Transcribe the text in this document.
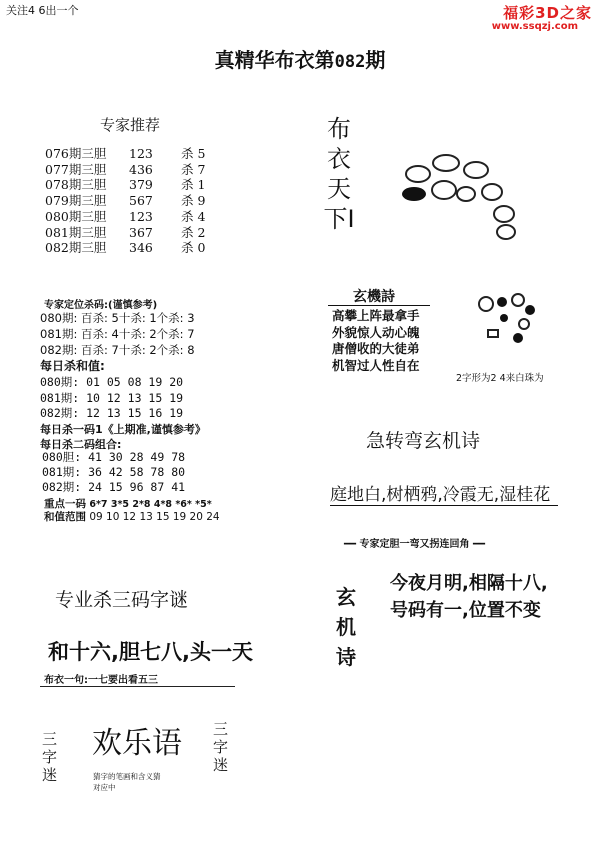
关注4 6出一个	福彩3D之家
www.ssqzj.com
真精华布衣第082期
专家推荐
076期三胆 123 杀 5
077期三胆 436 杀 7
078期三胆 379 杀 1
079期三胆 567 杀 9
080期三胆 123 杀 4
081期三胆 367 杀 2
082期三胆 346 杀 0
专家定位杀码:(谨慎参考)
080期: 百杀: 5十杀: 1个杀: 3
081期: 百杀: 4十杀: 2个杀: 7
082期: 百杀: 7十杀: 2个杀: 8
每日杀和值:
080期: 01 05 08 19 20
081期: 10 12 13 15 19
082期: 12 13 15 16 19
每日杀一码1《上期准,谨慎参考》
每日杀二码组合:
080胆: 41 30 28 49 78
081期: 36 42 58 78 80
082期: 24 15 96 87 41
重点一码 6*7 3*5 2*8 4*8 *6* *5*
和值范围 09 10 12 13 15 19 20 24
专业杀三码字谜
和十六,胆七八,头一天
布衣一句:一七要出看五三
三字迷
欢乐语 三字迷
猜字的笔画和含义猜
对应中
布衣天下Ⅰ
玄機詩
高攀上阵最拿手
外貌惊人动心魄
唐僧收的大徒弟
机智过人性自在
2字形为2 4来白珠为
急转弯玄机诗
庭地白,树栖鸦,冷霞无,湿桂花
━━ 专家定胆一弯又拐连回角 ━━
玄机诗
今夜月明,相隔十八,
号码有一,位置不变
